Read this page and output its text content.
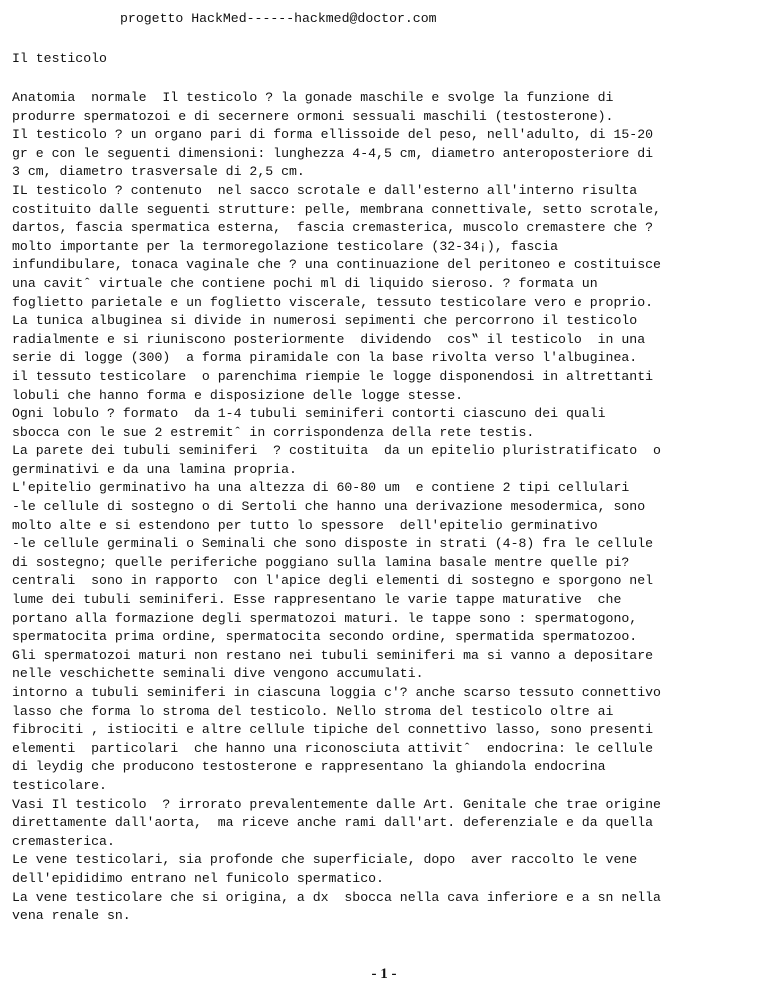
progetto HackMed------hackmed@doctor.com
Il testicolo
Anatomia  normale  Il testicolo ? la gonade maschile e svolge la funzione di
produrre spermatozoi e di secernere ormoni sessuali maschili (testosterone).
Il testicolo ? un organo pari di forma ellissoide del peso, nell'adulto, di 15-20
gr e con le seguenti dimensioni: lunghezza 4-4,5 cm, diametro anteroposteriore di
3 cm, diametro trasversale di 2,5 cm.
IL testicolo ? contenuto  nel sacco scrotale e dall'esterno all'interno risulta
costituito dalle seguenti strutture: pelle, membrana connettivale, setto scrotale,
dartos, fascia spermatica esterna,  fascia cremasterica, muscolo cremastere che ?
molto importante per la termoregolazione testicolare (32-34¡), fascia
infundibulare, tonaca vaginale che ? una continuazione del peritoneo e costituisce
una cavitˆ virtuale che contiene pochi ml di liquido sieroso. ? formata un
foglietto parietale e un foglietto viscerale, tessuto testicolare vero e proprio.
La tunica albuginea si divide in numerosi sepimenti che percorrono il testicolo
radialmente e si riuniscono posteriormente  dividendo  cos‟ il testicolo  in una
serie di logge (300)  a forma piramidale con la base rivolta verso l'albuginea.
il tessuto testicolare  o parenchima riempie le logge disponendosi in altrettanti
lobuli che hanno forma e disposizione delle logge stesse.
Ogni lobulo ? formato  da 1-4 tubuli seminiferi contorti ciascuno dei quali
sbocca con le sue 2 estremitˆ in corrispondenza della rete testis.
La parete dei tubuli seminiferi  ? costituita  da un epitelio pluristratificato  o
germinativi e da una lamina propria.
L'epitelio germinativo ha una altezza di 60-80 um  e contiene 2 tipi cellulari
-le cellule di sostegno o di Sertoli che hanno una derivazione mesodermica, sono
molto alte e si estendono per tutto lo spessore  dell'epitelio germinativo
-le cellule germinali o Seminali che sono disposte in strati (4-8) fra le cellule
di sostegno; quelle periferiche poggiano sulla lamina basale mentre quelle pi?
centrali  sono in rapporto  con l'apice degli elementi di sostegno e sporgono nel
lume dei tubuli seminiferi. Esse rappresentano le varie tappe maturative  che
portano alla formazione degli spermatozoi maturi. le tappe sono : spermatogono,
spermatocita prima ordine, spermatocita secondo ordine, spermatida spermatozoo.
Gli spermatozoi maturi non restano nei tubuli seminiferi ma si vanno a depositare
nelle veschichette seminali dive vengono accumulati.
intorno a tubuli seminiferi in ciascuna loggia c'? anche scarso tessuto connettivo
lasso che forma lo stroma del testicolo. Nello stroma del testicolo oltre ai
fibrociti , istiociti e altre cellule tipiche del connettivo lasso, sono presenti
elementi  particolari  che hanno una riconosciuta attivitˆ  endocrina: le cellule
di leydig che producono testosterone e rappresentano la ghiandola endocrina
testicolare.
Vasi Il testicolo  ? irrorato prevalentemente dalle Art. Genitale che trae origine
direttamente dall'aorta,  ma riceve anche rami dall'art. deferenziale e da quella
cremasterica.
Le vene testicolari, sia profonde che superficiale, dopo  aver raccolto le vene
dell'epididimo entrano nel funicolo spermatico.
La vene testicolare che si origina, a dx  sbocca nella cava inferiore e a sn nella
vena renale sn.
- 1 -
